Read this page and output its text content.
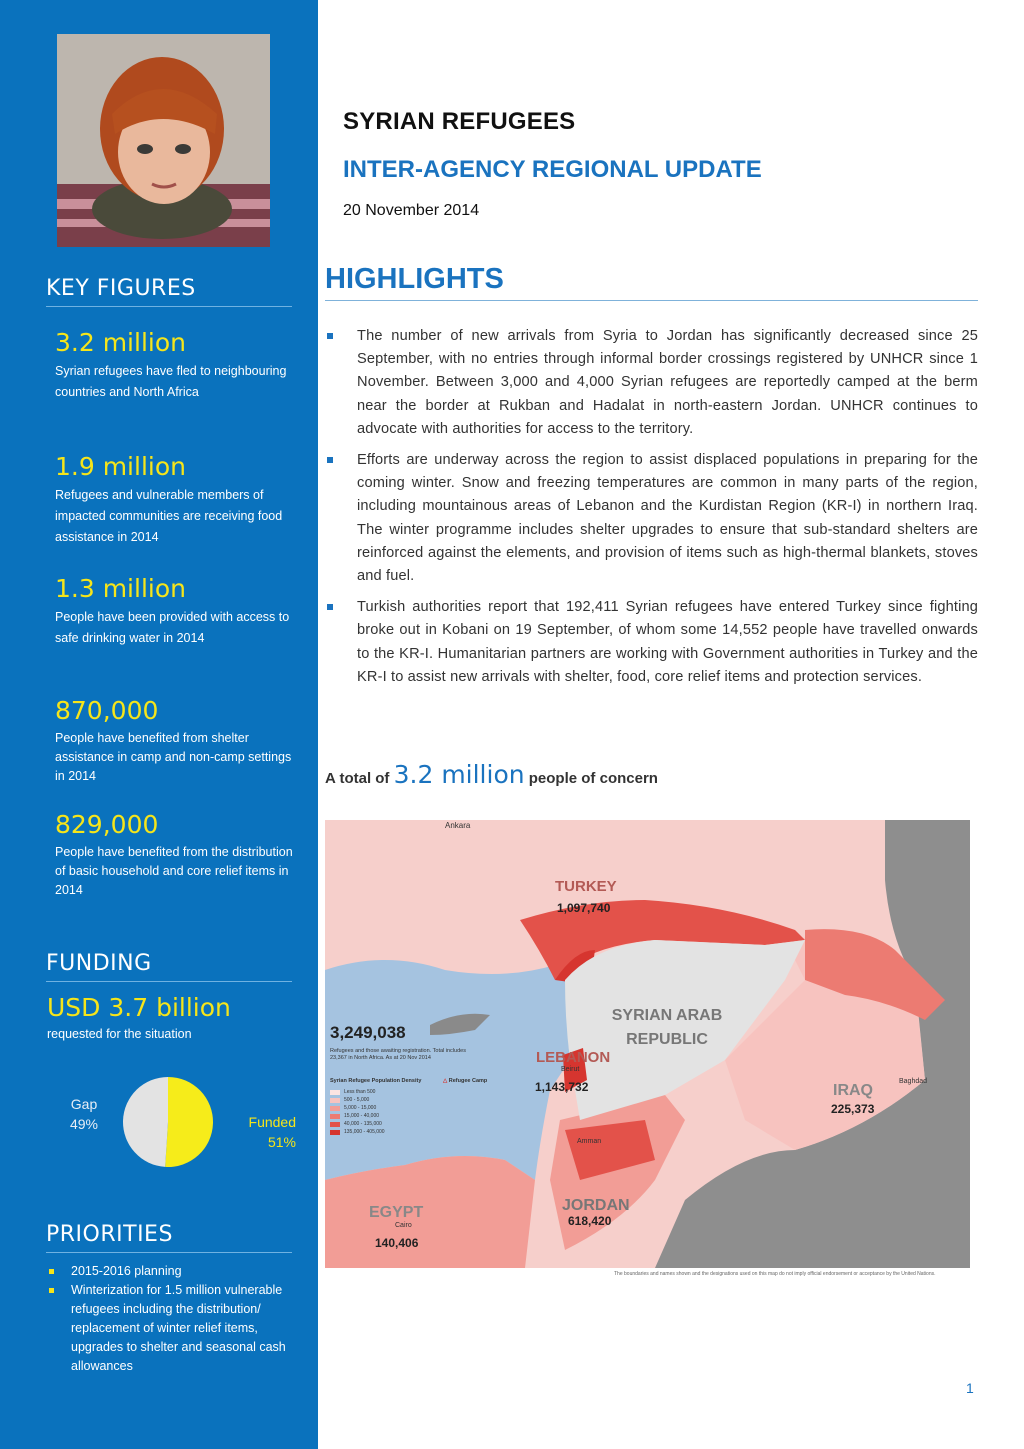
KEY FIGURES
3.2 million
Syrian refugees have fled to neighbouring countries and North Africa
1.9 million
Refugees and vulnerable members of impacted communities are receiving food assistance in 2014
1.3 million
People have been provided with access to safe drinking water in 2014
870,000
People have benefited from shelter assistance in camp and non-camp settings in 2014
829,000
People have benefited from the distribution of basic household and core relief items in 2014
FUNDING
USD 3.7 billion
requested for the situation
Gap
49%	Funded
51%
PRIORITIES
2015-2016 planning
Winterization for 1.5 million vulnerable refugees including the distribution/ replacement of winter relief items, upgrades to shelter and seasonal cash allowances
SYRIAN REFUGEES
INTER-AGENCY REGIONAL UPDATE
20 November 2014
HIGHLIGHTS
The number of new arrivals from Syria to Jordan has significantly decreased since 25 September, with no entries through informal border crossings registered by UNHCR since 1 November. Between 3,000 and 4,000 Syrian refugees are reportedly camped at the berm near the border at Rukban and Hadalat in north-eastern Jordan. UNHCR continues to advocate with authorities for access to the territory.
Efforts are underway across the region to assist displaced populations in preparing for the coming winter. Snow and freezing temperatures are common in many parts of the region, including mountainous areas of Lebanon and the Kurdistan Region (KR-I) in northern Iraq. The winter programme includes shelter upgrades to ensure that sub-standard shelters are reinforced against the elements, and provision of items such as high-thermal blankets, stoves and fuel.
Turkish authorities report that 192,411 Syrian refugees have entered Turkey since fighting broke out in Kobani on 19 September, of whom some 14,552 people have travelled onwards to the KR-I. Humanitarian partners are working with Government authorities in Turkey and the KR-I to assist new arrivals with shelter, food, core relief items and protection services.
A total of 3.2 million people of concern
Ankara
TURKEY
1,097,740
SYRIAN ARAB REPUBLIC
LEBANON
Beirut
1,143,732	IRAQ
Baghdad
225,373
Amman
JORDAN
618,420
EGYPT
Cairo
140,406
3,249,038
Refugees and those awaiting registration. Total includes 23,367 in North Africa. As at 20 Nov 2014
Syrian Refugee Population Density	△ Refugee Camp
Less than 500
500 - 5,000
5,000 - 15,000
15,000 - 40,000
40,000 - 135,000
135,000 - 405,000
The boundaries and names shown and the designations used on this map do not imply official endorsement or acceptance by the United Nations.
1
